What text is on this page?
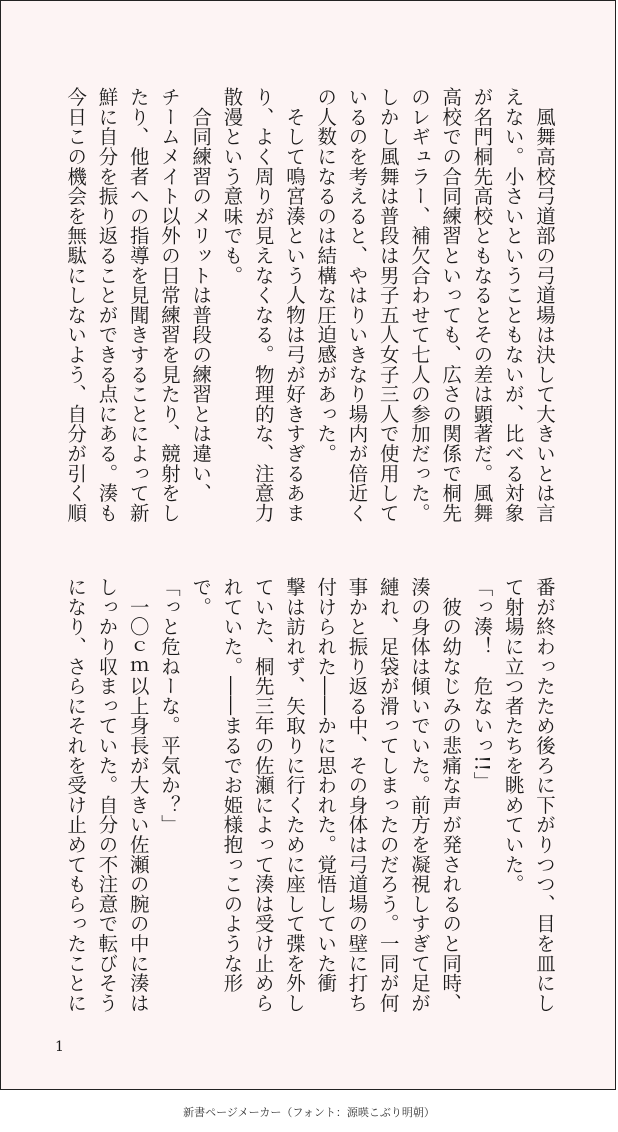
　風舞高校弓道部の弓道場は決して大きいとは言

えない。小さいということもないが、比べる対象

が名門桐先高校ともなるとその差は顕著だ。風舞

高校での合同練習といっても、広さの関係で桐先

のレギュラー、補欠合わせて七人の参加だった。

しかし風舞は普段は男子五人女子三人で使用して

いるのを考えると、やはりいきなり場内が倍近く

の人数になるのは結構な圧迫感があった。

　そして鳴宮湊という人物は弓が好きすぎるあま

り、よく周りが見えなくなる。物理的な、注意力

散漫という意味でも。

　合同練習のメリットは普段の練習とは違い、

チームメイト以外の日常練習を見たり、競射をし

たり、他者への指導を見聞きすることによって新

鮮に自分を振り返ることができる点にある。湊も

今日この機会を無駄にしないよう、自分が引く順

番が終わったため後ろに下がりつつ、目を皿にし

て射場に立つ者たちを眺めていた。

「っ湊！　危ないっ!!」

　彼の幼なじみの悲痛な声が発されるのと同時、

湊の身体は傾いでいた。前方を凝視しすぎて足が

縺れ、足袋が滑ってしまったのだろう。一同が何

事かと振り返る中、その身体は弓道場の壁に打ち

付けられた――かに思われた。覚悟していた衝

撃は訪れず、矢取りに行くために座して弽を外し

ていた、桐先三年の佐瀬によって湊は受け止めら

れていた。――まるでお姫様抱っこのような形

で。

「っと危ねーな。平気か？」

　一〇ｃｍ以上身長が大きい佐瀬の腕の中に湊は

しっかり収まっていた。自分の不注意で転びそう

になり、さらにそれを受け止めてもらったことに

1
新書ページメーカー（フォント：源暎こぶり明朝）
